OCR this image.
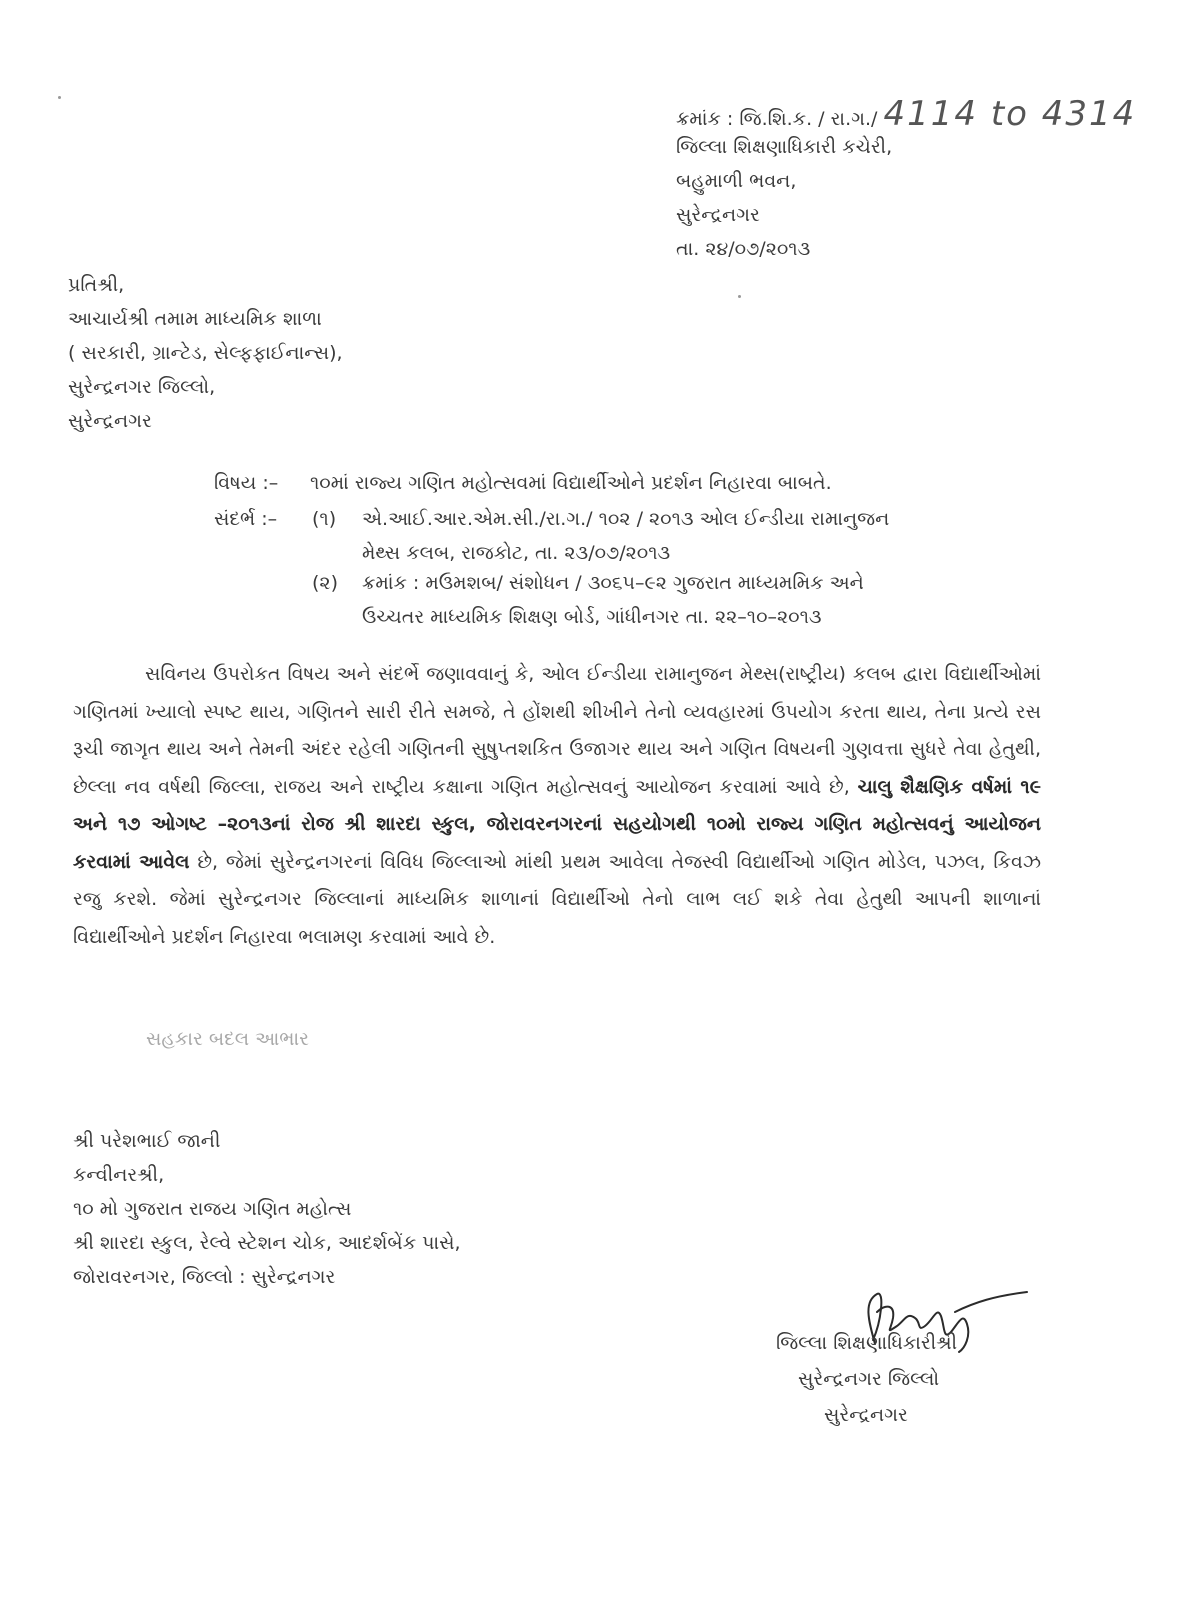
ક્રમાંક : જિ.શિ.ક. / રા.ગ./ 4114 to 4314
જિલ્લા શિક્ષણાધિકારી કચેરી,
બહુમાળી ભવન,
સુરેન્દ્રનગર
તા. ૨૪/૦૭/૨૦૧૩
પ્રતિશ્રી,
આચાર્યશ્રી તમામ માધ્યમિક શાળા
( સરકારી, ગ્રાન્ટેડ, સેલ્ફફાઈનાન્સ),
સુરેન્દ્રનગર જિલ્લો,
સુરેન્દ્રનગર
વિષય :– ૧૦માં રાજ્ય ગણિત મહોત્સવમાં વિદ્યાર્થીઓને પ્રદર્શન નિહારવા બાબતે.
સંદર્ભ :– (૧) એ.આઈ.આર.એમ.સી./રા.ગ./ ૧૦૨ / ૨૦૧૩ ઓલ ઈન્ડીયા રામાનુજન
મેથ્સ કલબ, રાજકોટ, તા. ૨૩/૦૭/૨૦૧૩
(૨) ક્રમાંક : મઉમશબ/ સંશોધન / ૩૦૬૫–૯૨ ગુજરાત માધ્યમમિક અને
ઉચ્ચતર માધ્યમિક શિક્ષણ બોર્ડ, ગાંધીનગર તા. ૨૨–૧૦–૨૦૧૩
સવિનય ઉપરોકત વિષય અને સંદર્ભે જણાવવાનું કે, ઓલ ઈન્ડીયા રામાનુજન મેથ્સ(રાષ્ટ્રીય) કલબ દ્વારા વિદ્યાર્થીઓમાં ગણિતમાં ખ્યાલો સ્પષ્ટ થાય, ગણિતને સારી રીતે સમજે, તે હોંશથી શીખીને તેનો વ્યવહારમાં ઉપયોગ કરતા થાય, તેના પ્રત્યે રસ રૂચી જાગૃત થાય અને તેમની અંદર રહેલી ગણિતની સુષુપ્તશકિત ઉજાગર થાય અને ગણિત વિષયની ગુણવત્તા સુધરે તેવા હેતુથી, છેલ્લા નવ વર્ષથી જિલ્લા, રાજય અને રાષ્ટ્રીય કક્ષાના ગણિત મહોત્સવનું આયોજન કરવામાં આવે છે, ચાલુ શૈક્ષણિક વર્ષમાં ૧૯ અને ૧૭ ઓગષ્ટ –૨૦૧૩નાં રોજ શ્રી શારદા સ્કુલ, જોરાવરનગરનાં સહયોગથી ૧૦મો રાજ્ય ગણિત મહોત્સવનું આયોજન કરવામાં આવેલ છે, જેમાં સુરેન્દ્રનગરનાં વિવિધ જિલ્લાઓ માંથી પ્રથમ આવેલા તેજસ્વી વિદ્યાર્થીઓ ગણિત મોડેલ, પઝલ, કિવઝ રજુ કરશે. જેમાં સુરેન્દ્રનગર જિલ્લાનાં માધ્યમિક શાળાનાં વિદ્યાર્થીઓ તેનો લાભ લઈ શકે તેવા હેતુથી આપની શાળાનાં વિદ્યાર્થીઓને પ્રદર્શન નિહારવા ભલામણ કરવામાં આવે છે.
સહકાર બદલ આભાર
શ્રી પરેશભાઈ જાની
કન્વીનરશ્રી,
૧૦ મો ગુજરાત રાજય ગણિત મહોત્સ
શ્રી શારદા સ્કુલ, રેલ્વે સ્ટેશન ચોક, આદર્શબેંક પાસે,
જોરાવરનગર, જિલ્લો : સુરેન્દ્રનગર
જિલ્લા શિક્ષણાધિકારીશ્રી
સુરેન્દ્રનગર જિલ્લો
સુરેન્દ્રનગર
